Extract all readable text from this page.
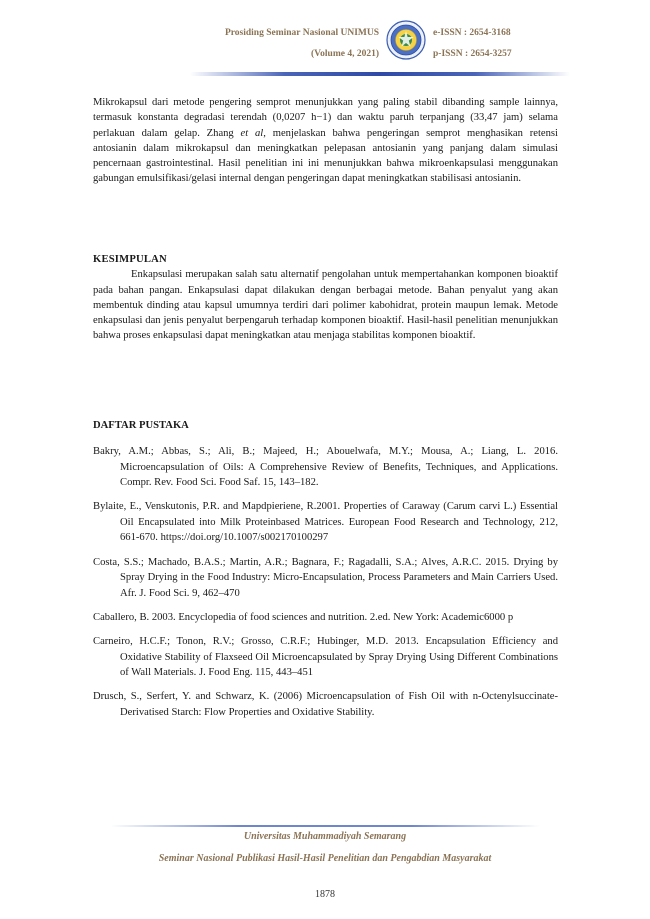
Prosiding Seminar Nasional UNIMUS
(Volume 4, 2021)
e-ISSN : 2654-3168
p-ISSN : 2654-3257

Mikrokapsul dari metode pengering semprot menunjukkan yang paling stabil dibanding sample lainnya, termasuk konstanta degradasi terendah (0,0207 h−1) dan waktu paruh terpanjang (33,47 jam) selama perlakuan dalam gelap. Zhang et al, menjelaskan bahwa pengeringan semprot menghasikan retensi antosianin dalam mikrokapsul dan meningkatkan pelepasan antosianin yang panjang dalam simulasi pencernaan gastrointestinal. Hasil penelitian ini ini menunjukkan bahwa mikroenkapsulasi menggunakan gabungan emulsifikasi/gelasi internal dengan pengeringan dapat meningkatkan stabilisasi antosianin.

KESIMPULAN

Enkapsulasi merupakan salah satu alternatif pengolahan untuk mempertahankan komponen bioaktif pada bahan pangan. Enkapsulasi dapat dilakukan dengan berbagai metode. Bahan penyalut yang akan membentuk dinding atau kapsul umumnya terdiri dari polimer kabohidrat, protein maupun lemak. Metode enkapsulasi dan jenis penyalut berpengaruh terhadap komponen bioaktif. Hasil-hasil penelitian menunjukkan bahwa proses enkapsulasi dapat meningkatkan atau menjaga stabilitas komponen bioaktif.

DAFTAR PUSTAKA

Bakry, A.M.; Abbas, S.; Ali, B.; Majeed, H.; Abouelwafa, M.Y.; Mousa, A.; Liang, L. 2016. Microencapsulation of Oils: A Comprehensive Review of Benefits, Techniques, and Applications. Compr. Rev. Food Sci. Food Saf. 15, 143–182.

Bylaite, E., Venskutonis, P.R. and Mapdpieriene, R.2001. Properties of Caraway (Carum carvi L.) Essential Oil Encapsulated into Milk Proteinbased Matrices. European Food Research and Technology, 212, 661-670. https://doi.org/10.1007/s002170100297

Costa, S.S.; Machado, B.A.S.; Martin, A.R.; Bagnara, F.; Ragadalli, S.A.; Alves, A.R.C. 2015. Drying by Spray Drying in the Food Industry: Micro-Encapsulation, Process Parameters and Main Carriers Used. Afr. J. Food Sci. 9, 462–470

Caballero, B. 2003. Encyclopedia of food sciences and nutrition. 2.ed. New York: Academic6000 p

Carneiro, H.C.F.; Tonon, R.V.; Grosso, C.R.F.; Hubinger, M.D. 2013. Encapsulation Efficiency and Oxidative Stability of Flaxseed Oil Microencapsulated by Spray Drying Using Different Combinations of Wall Materials. J. Food Eng. 115, 443–451

Drusch, S., Serfert, Y. and Schwarz, K. (2006) Microencapsulation of Fish Oil with n-Octenylsuccinate-Derivatised Starch: Flow Properties and Oxidative Stability.

Universitas Muhammadiyah Semarang
Seminar Nasional Publikasi Hasil-Hasil Penelitian dan Pengabdian Masyarakat
1878
